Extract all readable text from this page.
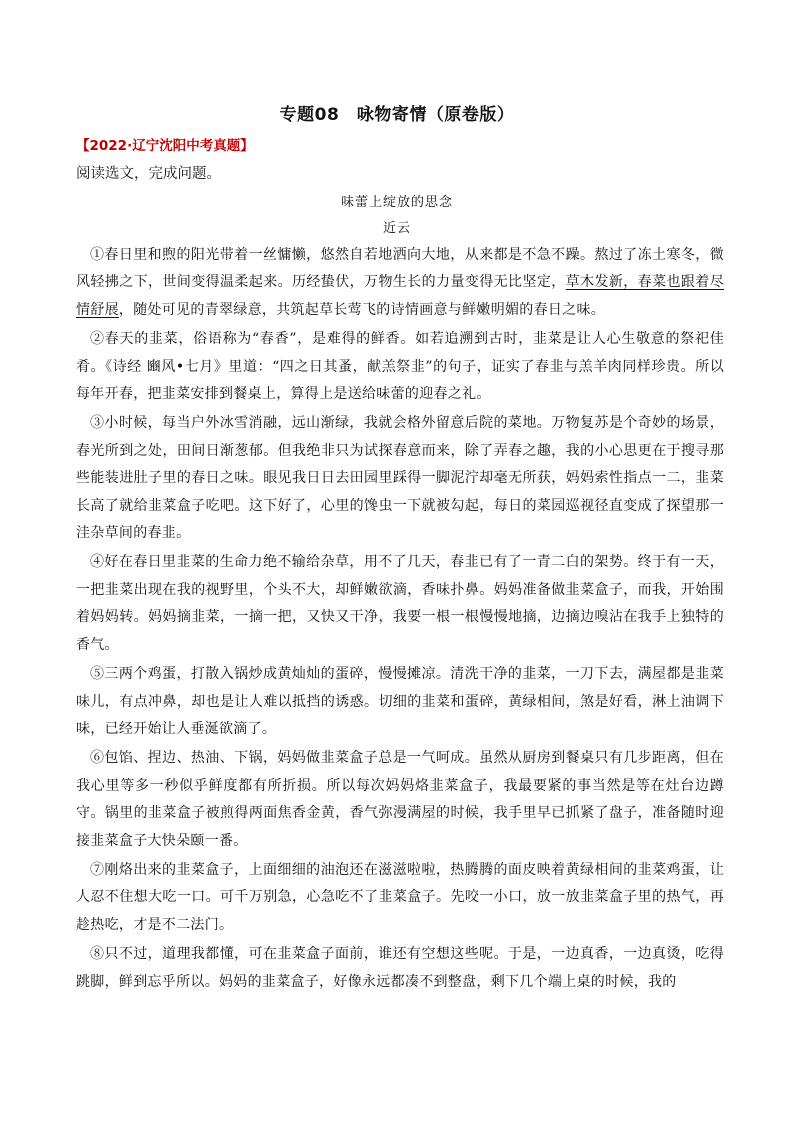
专题08　咏物寄情（原卷版）
【2022·辽宁沈阳中考真题】
阅读选文，完成问题。
味蕾上绽放的思念
近云

①春日里和煦的阳光带着一丝慵懒，悠然自若地洒向大地，从来都是不急不躁。熬过了冻土寒冬，微风轻拂之下，世间变得温柔起来。历经蛰伏，万物生长的力量变得无比坚定，草木发新，春菜也跟着尽情舒展，随处可见的青翠绿意，共筑起草长莺飞的诗情画意与鲜嫩明媚的春日之味。

②春天的韭菜，俗语称为“春香”，是难得的鲜香。如若追溯到古时，韭菜是让人心生敬意的祭祀佳肴。《诗经 豳风•七月》里道：“四之日其蚤，献羔祭韭”的句子，证实了春韭与羔羊肉同样珍贵。所以每年开春，把韭菜安排到餐桌上，算得上是送给味蕾的迎春之礼。

③小时候，每当户外冰雪消融，远山渐绿，我就会格外留意后院的菜地。万物复苏是个奇妙的场景，春光所到之处，田间日渐葱郁。但我绝非只为试探春意而来，除了弄春之趣，我的小心思更在于搜寻那些能装进肚子里的春日之味。眼见我日日去田园里踩得一脚泥泞却毫无所获，妈妈索性指点一二，韭菜长高了就给韭菜盒子吃吧。这下好了，心里的馋虫一下就被勾起，每日的菜园巡视径直变成了探望那一洼杂草间的春韭。

④好在春日里韭菜的生命力绝不输给杂草，用不了几天，春韭已有了一青二白的架势。终于有一天，一把韭菜出现在我的视野里，个头不大，却鲜嫩欲滴，香味扑鼻。妈妈准备做韭菜盒子，而我，开始围着妈妈转。妈妈摘韭菜，一摘一把，又快又干净，我要一根一根慢慢地摘，边摘边嗅沾在我手上独特的香气。

⑤三两个鸡蛋，打散入锅炒成黄灿灿的蛋碎，慢慢摊凉。清洗干净的韭菜，一刀下去，满屋都是韭菜味儿，有点冲鼻，却也是让人难以抵挡的诱惑。切细的韭菜和蛋碎，黄绿相间，煞是好看，淋上油调下味，已经开始让人垂涎欲滴了。

⑥包馅、捏边、热油、下锅，妈妈做韭菜盒子总是一气呵成。虽然从厨房到餐桌只有几步距离，但在我心里等多一秒似乎鲜度都有所折损。所以每次妈妈烙韭菜盒子，我最要紧的事当然是等在灶台边蹲守。锅里的韭菜盒子被煎得两面焦香金黄，香气弥漫满屋的时候，我手里早已抓紧了盘子，准备随时迎接韭菜盒子大快朵颐一番。

⑦刚烙出来的韭菜盒子，上面细细的油泡还在滋滋啦啦，热腾腾的面皮映着黄绿相间的韭菜鸡蛋，让人忍不住想大吃一口。可千万别急，心急吃不了韭菜盒子。先咬一小口，放一放韭菜盒子里的热气，再趁热吃，才是不二法门。

⑧只不过，道理我都懂，可在韭菜盒子面前，谁还有空想这些呢。于是，一边真香，一边真烫，吃得跳脚，鲜到忘乎所以。妈妈的韭菜盒子，好像永远都凑不到整盘，剩下几个端上桌的时候，我的
